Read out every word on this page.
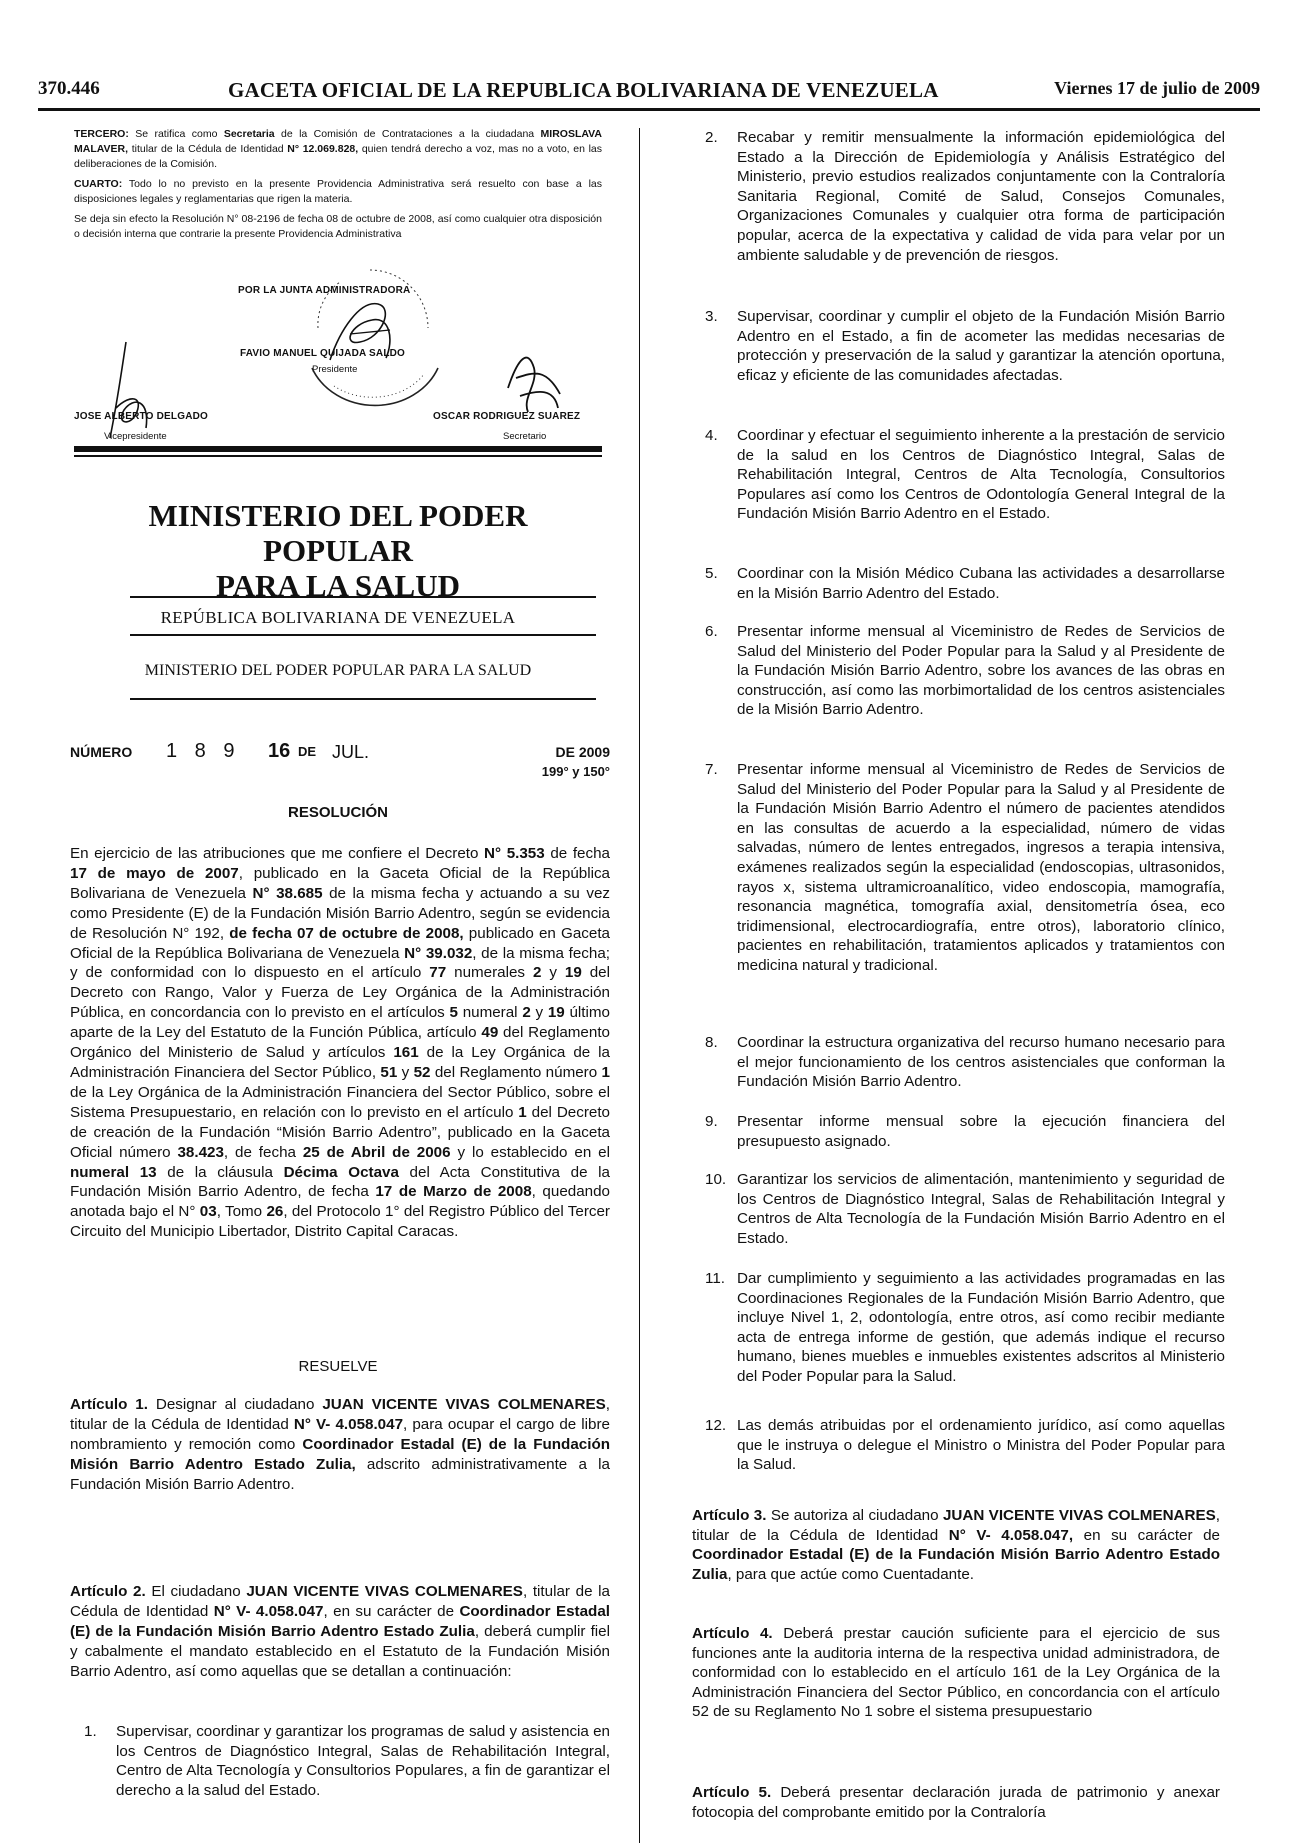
370.446	GACETA OFICIAL DE LA REPUBLICA BOLIVARIANA DE VENEZUELA	Viernes 17 de julio de 2009

TERCERO: Se ratifica como Secretaria de la Comisión de Contrataciones a la ciudadana MIROSLAVA MALAVER, titular de la Cédula de Identidad N° 12.069.828, quien tendrá derecho a voz, mas no a voto, en las deliberaciones de la Comisión.

CUARTO: Todo lo no previsto en la presente Providencia Administrativa será resuelto con base a las disposiciones legales y reglamentarias que rigen la materia.

Se deja sin efecto la Resolución N° 08-2196 de fecha 08 de octubre de 2008, así como cualquier otra disposición o decisión interna que contrarie la presente Providencia Administrativa

POR LA JUNTA ADMINISTRADORA
FAVIO MANUEL QUIJADA SALDO
Presidente
JOSE ALBERTO DELGADO
Vicepresidente
OSCAR RODRIGUEZ SUAREZ
Secretario
MINISTERIO DEL PODER POPULAR
PARA LA SALUD
REPÚBLICA BOLIVARIANA DE VENEZUELA
MINISTERIO DEL PODER POPULAR PARA LA SALUD
NÚMERO 1 8 9 16 DE JUL.	DE 2009
199° y 150°
RESOLUCIÓN
En ejercicio de las atribuciones que me confiere el Decreto N° 5.353 de fecha 17 de mayo de 2007, publicado en la Gaceta Oficial de la República Bolivariana de Venezuela N° 38.685 de la misma fecha y actuando a su vez como Presidente (E) de la Fundación Misión Barrio Adentro, según se evidencia de Resolución N° 192, de fecha 07 de octubre de 2008, publicado en Gaceta Oficial de la República Bolivariana de Venezuela N° 39.032, de la misma fecha; y de conformidad con lo dispuesto en el artículo 77 numerales 2 y 19 del Decreto con Rango, Valor y Fuerza de Ley Orgánica de la Administración Pública, en concordancia con lo previsto en el artículos 5 numeral 2 y 19 último aparte de la Ley del Estatuto de la Función Pública, artículo 49 del Reglamento Orgánico del Ministerio de Salud y artículos 161 de la Ley Orgánica de la Administración Financiera del Sector Público, 51 y 52 del Reglamento número 1 de la Ley Orgánica de la Administración Financiera del Sector Público, sobre el Sistema Presupuestario, en relación con lo previsto en el artículo 1 del Decreto de creación de la Fundación “Misión Barrio Adentro”, publicado en la Gaceta Oficial número 38.423, de fecha 25 de Abril de 2006 y lo establecido en el numeral 13 de la cláusula Décima Octava del Acta Constitutiva de la Fundación Misión Barrio Adentro, de fecha 17 de Marzo de 2008, quedando anotada bajo el N° 03, Tomo 26, del Protocolo 1° del Registro Público del Tercer Circuito del Municipio Libertador, Distrito Capital Caracas.
RESUELVE
Artículo 1. Designar al ciudadano JUAN VICENTE VIVAS COLMENARES, titular de la Cédula de Identidad N° V- 4.058.047, para ocupar el cargo de libre nombramiento y remoción como Coordinador Estadal (E) de la Fundación Misión Barrio Adentro Estado Zulia, adscrito administrativamente a la Fundación Misión Barrio Adentro.
Artículo 2. El ciudadano JUAN VICENTE VIVAS COLMENARES, titular de la Cédula de Identidad N° V- 4.058.047, en su carácter de Coordinador Estadal (E) de la Fundación Misión Barrio Adentro Estado Zulia, deberá cumplir fiel y cabalmente el mandato establecido en el Estatuto de la Fundación Misión Barrio Adentro, así como aquellas que se detallan a continuación:
1.	Supervisar, coordinar y garantizar los programas de salud y asistencia en los Centros de Diagnóstico Integral, Salas de Rehabilitación Integral, Centro de Alta Tecnología y Consultorios Populares, a fin de garantizar el derecho a la salud del Estado.
2.	Recabar y remitir mensualmente la información epidemiológica del Estado a la Dirección de Epidemiología y Análisis Estratégico del Ministerio, previo estudios realizados conjuntamente con la Contraloría Sanitaria Regional, Comité de Salud, Consejos Comunales, Organizaciones Comunales y cualquier otra forma de participación popular, acerca de la expectativa y calidad de vida para velar por un ambiente saludable y de prevención de riesgos.
3.	Supervisar, coordinar y cumplir el objeto de la Fundación Misión Barrio Adentro en el Estado, a fin de acometer las medidas necesarias de protección y preservación de la salud y garantizar la atención oportuna, eficaz y eficiente de las comunidades afectadas.
4.	Coordinar y efectuar el seguimiento inherente a la prestación de servicio de la salud en los Centros de Diagnóstico Integral, Salas de Rehabilitación Integral, Centros de Alta Tecnología, Consultorios Populares así como los Centros de Odontología General Integral de la Fundación Misión Barrio Adentro en el Estado.
5.	Coordinar con la Misión Médico Cubana las actividades a desarrollarse en la Misión Barrio Adentro del Estado.
6.	Presentar informe mensual al Viceministro de Redes de Servicios de Salud del Ministerio del Poder Popular para la Salud y al Presidente de la Fundación Misión Barrio Adentro, sobre los avances de las obras en construcción, así como las morbimortalidad de los centros asistenciales de la Misión Barrio Adentro.
7.	Presentar informe mensual al Viceministro de Redes de Servicios de Salud del Ministerio del Poder Popular para la Salud y al Presidente de la Fundación Misión Barrio Adentro el número de pacientes atendidos en las consultas de acuerdo a la especialidad, número de vidas salvadas, número de lentes entregados, ingresos a terapia intensiva, exámenes realizados según la especialidad (endoscopias, ultrasonidos, rayos x, sistema ultramicroanalítico, video endoscopia, mamografía, resonancia magnética, tomografía axial, densitometría ósea, eco tridimensional, electrocardiografía, entre otros), laboratorio clínico, pacientes en rehabilitación, tratamientos aplicados y tratamientos con medicina natural y tradicional.
8.	Coordinar la estructura organizativa del recurso humano necesario para el mejor funcionamiento de los centros asistenciales que conforman la Fundación Misión Barrio Adentro.
9.	Presentar informe mensual sobre la ejecución financiera del presupuesto asignado.
10. Garantizar los servicios de alimentación, mantenimiento y seguridad de los Centros de Diagnóstico Integral, Salas de Rehabilitación Integral y Centros de Alta Tecnología de la Fundación Misión Barrio Adentro en el Estado.
11. Dar cumplimiento y seguimiento a las actividades programadas en las Coordinaciones Regionales de la Fundación Misión Barrio Adentro, que incluye Nivel 1, 2, odontología, entre otros, así como recibir mediante acta de entrega informe de gestión, que además indique el recurso humano, bienes muebles e inmuebles existentes adscritos al Ministerio del Poder Popular para la Salud.
12. Las demás atribuidas por el ordenamiento jurídico, así como aquellas que le instruya o delegue el Ministro o Ministra del Poder Popular para la Salud.
Artículo 3. Se autoriza al ciudadano JUAN VICENTE VIVAS COLMENARES, titular de la Cédula de Identidad N° V- 4.058.047, en su carácter de Coordinador Estadal (E) de la Fundación Misión Barrio Adentro Estado Zulia, para que actúe como Cuentadante.
Artículo 4. Deberá prestar caución suficiente para el ejercicio de sus funciones ante la auditoria interna de la respectiva unidad administradora, de conformidad con lo establecido en el artículo 161 de la Ley Orgánica de la Administración Financiera del Sector Público, en concordancia con el artículo 52 de su Reglamento No 1 sobre el sistema presupuestario
Artículo 5. Deberá presentar declaración jurada de patrimonio y anexar fotocopia del comprobante emitido por la Contraloría
